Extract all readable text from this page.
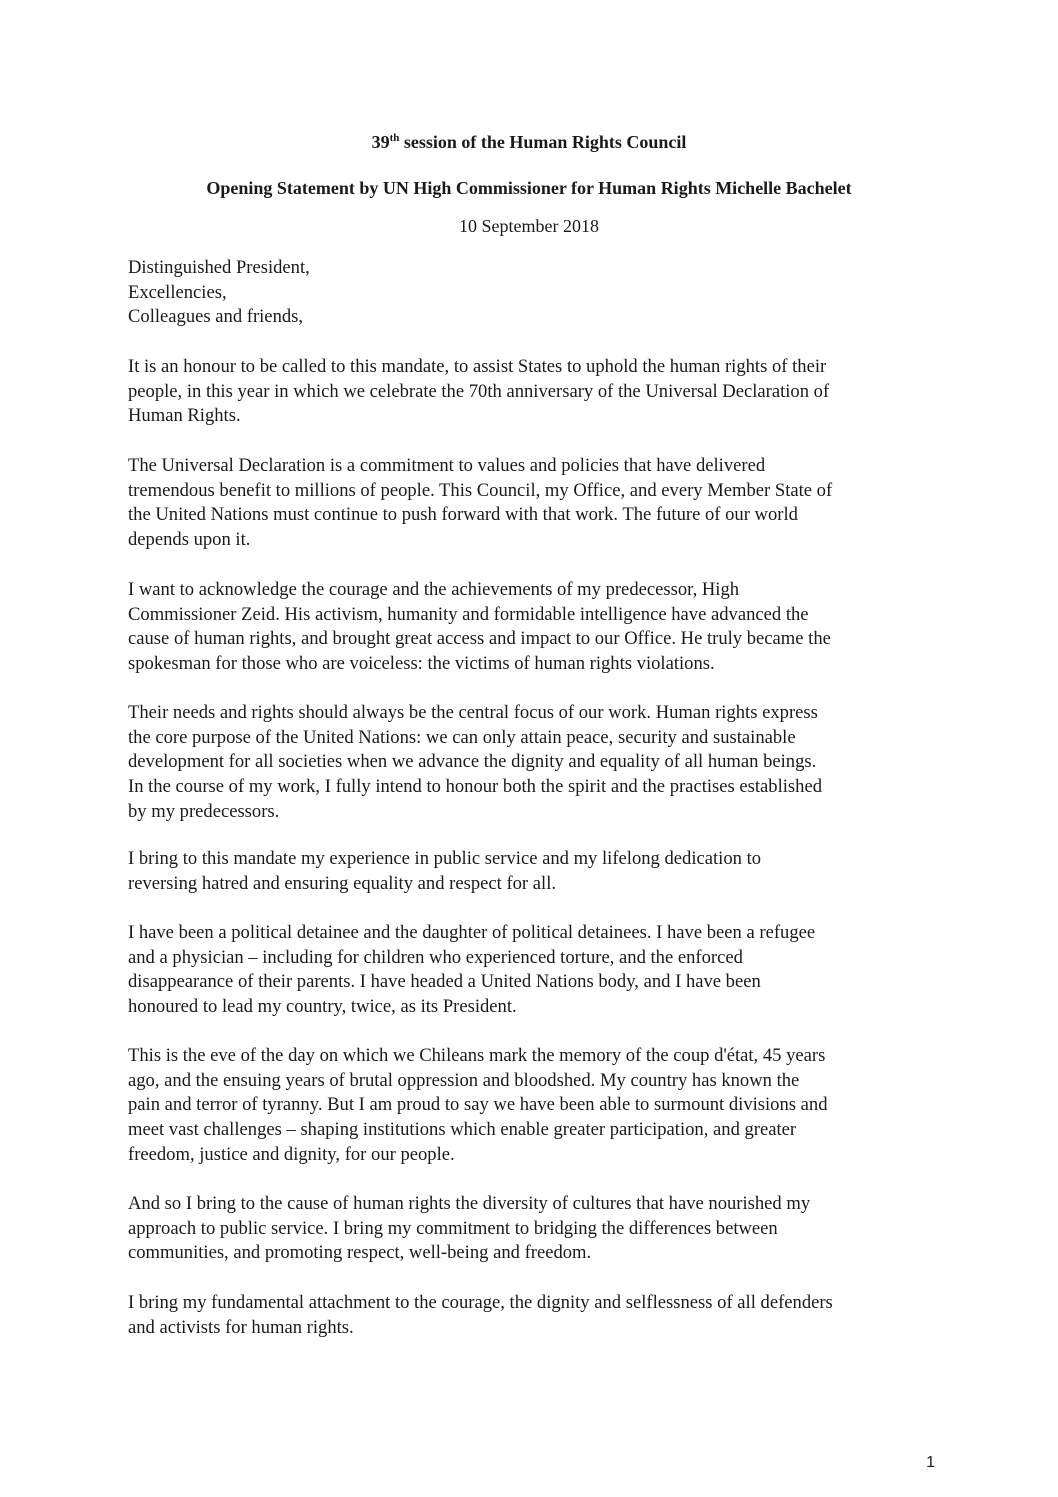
39th session of the Human Rights Council

Opening Statement by UN High Commissioner for Human Rights Michelle Bachelet

10 September 2018

Distinguished President,
Excellencies,
Colleagues and friends,
It is an honour to be called to this mandate, to assist States to uphold the human rights of their
people, in this year in which we celebrate the 70th anniversary of the Universal Declaration of
Human Rights.
The Universal Declaration is a commitment to values and policies that have delivered
tremendous benefit to millions of people. This Council, my Office, and every Member State of
the United Nations must continue to push forward with that work. The future of our world
depends upon it.
I want to acknowledge the courage and the achievements of my predecessor, High
Commissioner Zeid. His activism, humanity and formidable intelligence have advanced the
cause of human rights, and brought great access and impact to our Office. He truly became the
spokesman for those who are voiceless: the victims of human rights violations.
Their needs and rights should always be the central focus of our work. Human rights express
the core purpose of the United Nations: we can only attain peace, security and sustainable
development for all societies when we advance the dignity and equality of all human beings.
In the course of my work, I fully intend to honour both the spirit and the practises established
by my predecessors.
I bring to this mandate my experience in public service and my lifelong dedication to
reversing hatred and ensuring equality and respect for all.
I have been a political detainee and the daughter of political detainees. I have been a refugee
and a physician – including for children who experienced torture, and the enforced
disappearance of their parents. I have headed a United Nations body, and I have been
honoured to lead my country, twice, as its President.
This is the eve of the day on which we Chileans mark the memory of the coup d'état, 45 years
ago, and the ensuing years of brutal oppression and bloodshed. My country has known the
pain and terror of tyranny. But I am proud to say we have been able to surmount divisions and
meet vast challenges – shaping institutions which enable greater participation, and greater
freedom, justice and dignity, for our people.
And so I bring to the cause of human rights the diversity of cultures that have nourished my
approach to public service. I bring my commitment to bridging the differences between
communities, and promoting respect, well-being and freedom.
I bring my fundamental attachment to the courage, the dignity and selflessness of all defenders
and activists for human rights.

1
